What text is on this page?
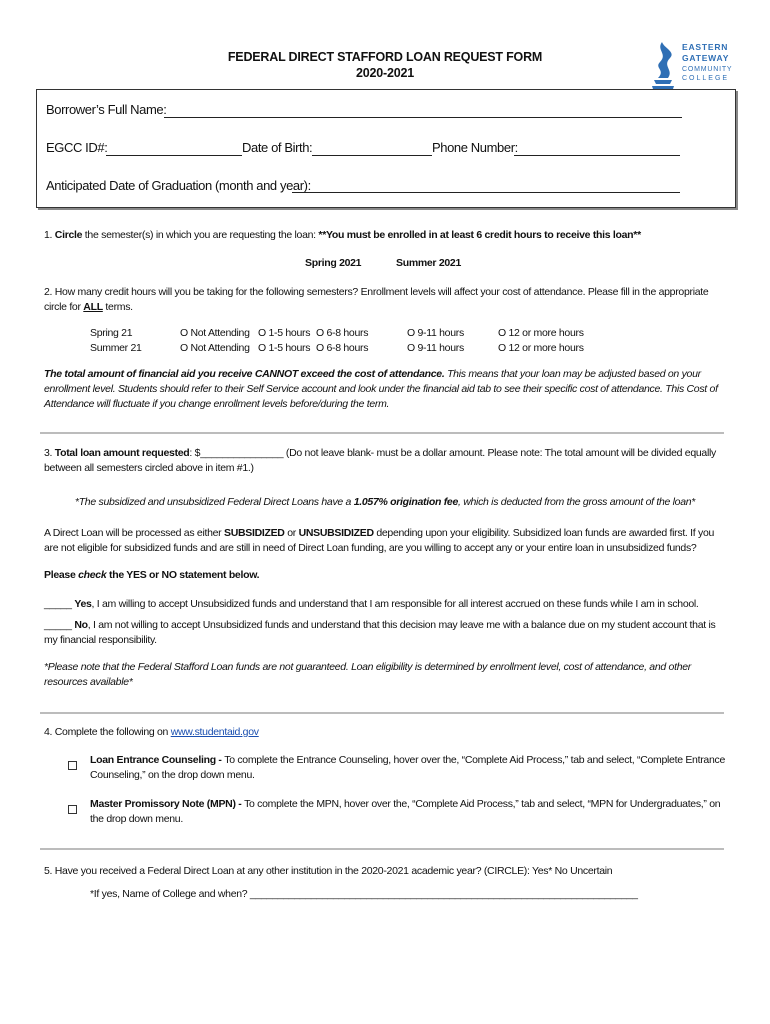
FEDERAL DIRECT STAFFORD LOAN REQUEST FORM
2020-2021
EASTERN
GATEWAY
COMMUNITY
COLLEGE
Borrower’s Full Name:
EGCC ID#:	Date of Birth:	Phone Number:
Anticipated Date of Graduation (month and year):
1. Circle the semester(s) in which you are requesting the loan: **You must be enrolled in at least 6 credit hours to receive this loan**
Spring 2021	Summer 2021
2. How many credit hours will you be taking for the following semesters? Enrollment levels will affect your cost of attendance. Please fill in the appropriate circle for ALL terms.
Spring 21	O Not Attending O 1-5 hours O 6-8 hours	O 9-11 hours	O 12 or more hours
Summer 21	O Not Attending O 1-5 hours O 6-8 hours	O 9-11 hours	O 12 or more hours
The total amount of financial aid you receive CANNOT exceed the cost of attendance. This means that your loan may be adjusted based on your enrollment level. Students should refer to their Self Service account and look under the financial aid tab to see their specific cost of attendance. This Cost of Attendance will fluctuate if you change enrollment levels before/during the term.
3. Total loan amount requested: $_______________ (Do not leave blank- must be a dollar amount. Please note: The total amount will be divided equally between all semesters circled above in item #1.)
*The subsidized and unsubsidized Federal Direct Loans have a 1.057% origination fee, which is deducted from the gross amount of the loan*
A Direct Loan will be processed as either SUBSIDIZED or UNSUBSIDIZED depending upon your eligibility. Subsidized loan funds are awarded first. If you are not eligible for subsidized funds and are still in need of Direct Loan funding, are you willing to accept any or your entire loan in unsubsidized funds?
Please check the YES or NO statement below.
_____ Yes, I am willing to accept Unsubsidized funds and understand that I am responsible for all interest accrued on these funds while I am in school.
_____ No, I am not willing to accept Unsubsidized funds and understand that this decision may leave me with a balance due on my student account that is my financial responsibility.
*Please note that the Federal Stafford Loan funds are not guaranteed. Loan eligibility is determined by enrollment level, cost of attendance, and other resources available*
4. Complete the following on www.studentaid.gov
Loan Entrance Counseling - To complete the Entrance Counseling, hover over the, “Complete Aid Process,” tab and select, “Complete Entrance Counseling,” on the drop down menu.
Master Promissory Note (MPN) - To complete the MPN, hover over the, “Complete Aid Process,” tab and select, “MPN for Undergraduates,” on the drop down menu.
5. Have you received a Federal Direct Loan at any other institution in the 2020-2021 academic year? (CIRCLE): Yes* No Uncertain
*If yes, Name of College and when? ______________________________________________________________________
